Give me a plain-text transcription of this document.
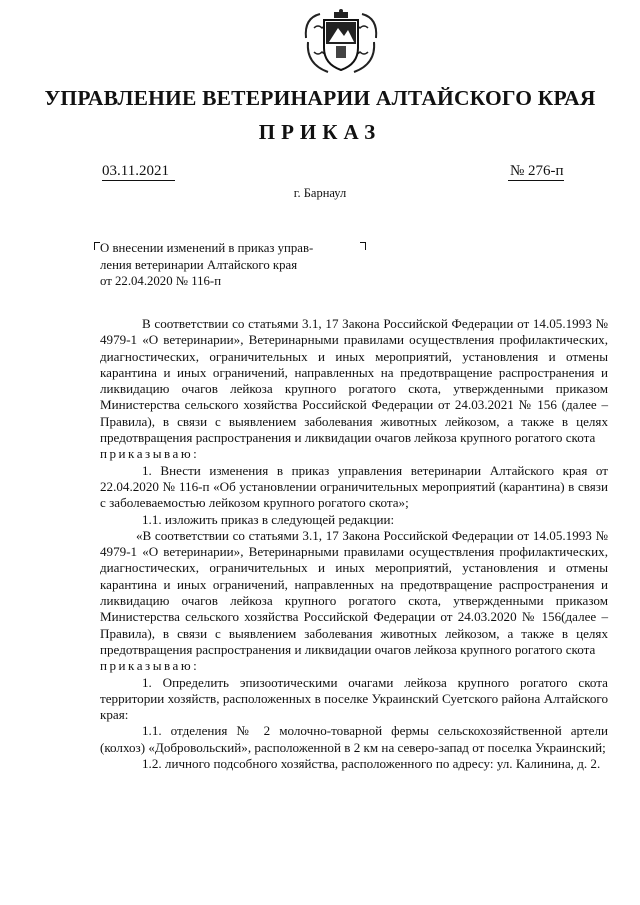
УПРАВЛЕНИЕ ВЕТЕРИНАРИИ АЛТАЙСКОГО КРАЯ
ПРИКАЗ
03.11.2021	№ 276-п
г. Барнаул
О внесении изменений в приказ управ-
ления ветеринарии Алтайского края
от 22.04.2020 № 116-п

В соответствии со статьями 3.1, 17 Закона Российской Федерации от 14.05.1993 № 4979-1 «О ветеринарии», Ветеринарными правилами осуществления профилактических, диагностических, ограничительных и иных мероприятий, установления и отмены карантина и иных ограничений, направленных на предотвращение распространения и ликвидацию очагов лейкоза крупного рогатого скота, утвержденными приказом Министерства сельского хозяйства Российской Федерации от 24.03.2021 № 156 (далее – Правила), в связи с выявлением заболевания животных лейкозом, а также в целях предотвращения распространения и ликвидации очагов лейкоза крупного рогатого скота

приказываю:

1. Внести изменения в приказ управления ветеринарии Алтайского края от 22.04.2020 № 116-п «Об установлении ограничительных мероприятий (карантина) в связи с заболеваемостью лейкозом крупного рогатого скота»;

1.1. изложить приказ в следующей редакции:

«В соответствии со статьями 3.1, 17 Закона Российской Федерации от 14.05.1993 № 4979-1 «О ветеринарии», Ветеринарными правилами осуществления профилактических, диагностических, ограничительных и иных мероприятий, установления и отмены карантина и иных ограничений, направленных на предотвращение распространения и ликвидацию очагов лейкоза крупного рогатого скота, утвержденными приказом Министерства сельского хозяйства Российской Федерации от 24.03.2020 № 156(далее – Правила), в связи с выявлением заболевания животных лейкозом, а также в целях предотвращения распространения и ликвидации очагов лейкоза крупного рогатого скота

приказываю:

1. Определить эпизоотическими очагами лейкоза крупного рогатого скота территории хозяйств, расположенных в поселке Украинский Суетского района Алтайского края:

1.1. отделения № 2 молочно-товарной фермы сельскохозяйственной артели (колхоз) «Добровольский», расположенной в 2 км на северо-запад от поселка Украинский;

1.2. личного подсобного хозяйства, расположенного по адресу: ул. Калинина, д. 2.
